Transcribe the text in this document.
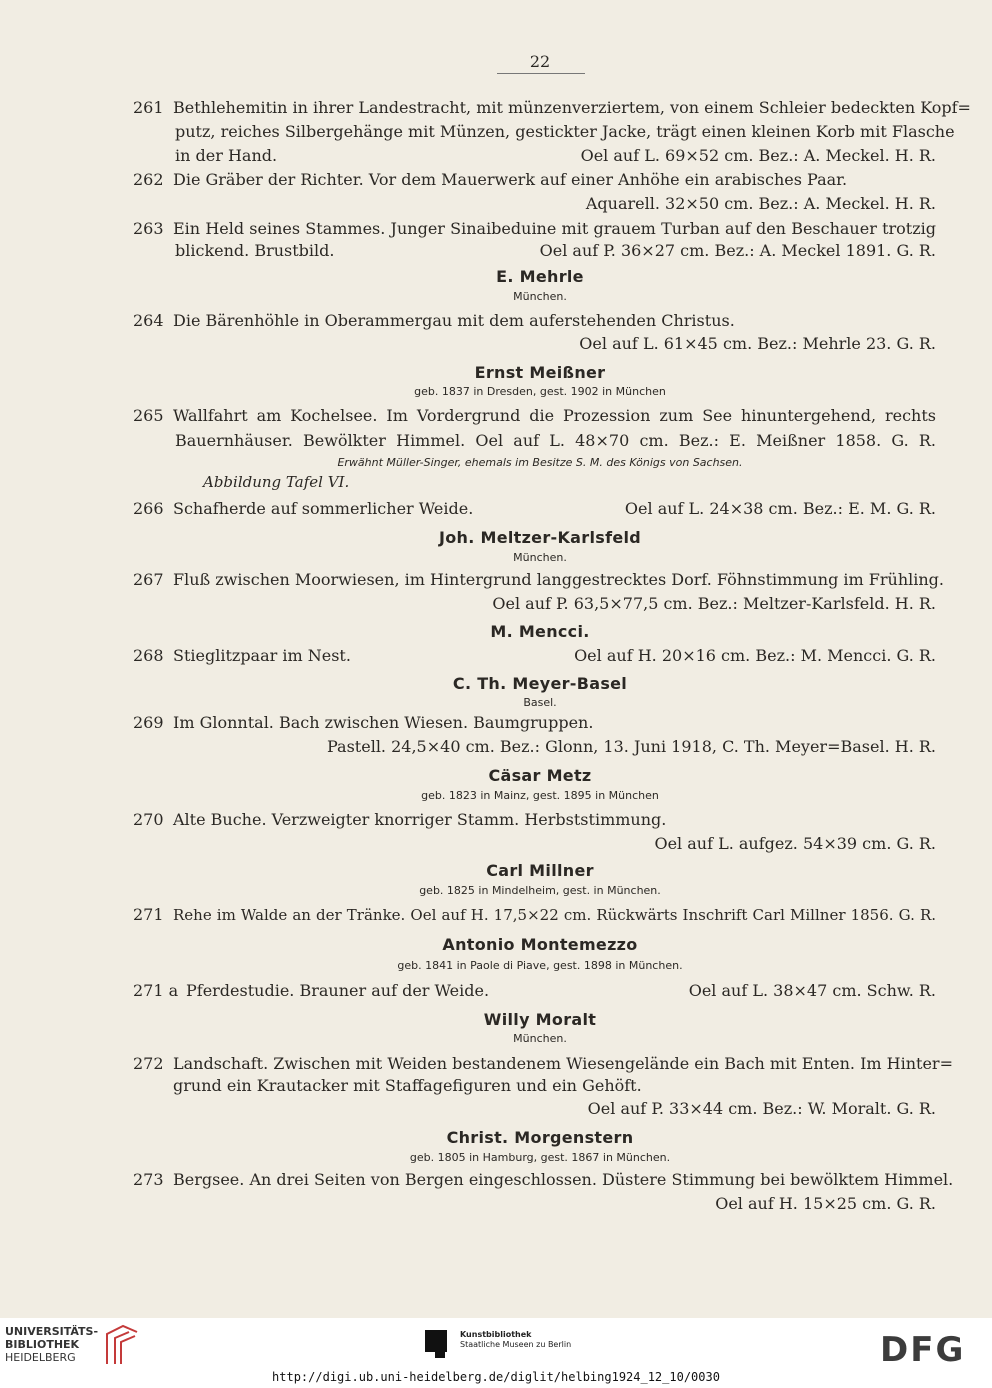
22
261 Bethlehemitin in ihrer Landestracht, mit münzenverziertem, von einem Schleier bedeckten Kopf=
putz, reiches Silbergehänge mit Münzen, gestickter Jacke, trägt einen kleinen Korb mit Flasche
in der Hand.	Oel auf L. 69×52 cm. Bez.: A. Meckel. H. R.
262 Die Gräber der Richter. Vor dem Mauerwerk auf einer Anhöhe ein arabisches Paar.
Aquarell. 32×50 cm. Bez.: A. Meckel. H. R.
263 Ein Held seines Stammes. Junger Sinaibeduine mit grauem Turban auf den Beschauer trotzig
blickend. Brustbild.	Oel auf P. 36×27 cm. Bez.: A. Meckel 1891. G. R.
E. Mehrle
München.
264 Die Bärenhöhle in Oberammergau mit dem auferstehenden Christus.
Oel auf L. 61×45 cm. Bez.: Mehrle 23. G. R.
Ernst Meißner
geb. 1837 in Dresden, gest. 1902 in München
265 Wallfahrt am Kochelsee. Im Vordergrund die Prozession zum See hinuntergehend, rechts
Bauernhäuser. Bewölkter Himmel. Oel auf L. 48×70 cm. Bez.: E. Meißner 1858. G. R.
Erwähnt Müller-Singer, ehemals im Besitze S. M. des Königs von Sachsen.
Abbildung Tafel VI.
266 Schafherde auf sommerlicher Weide.	Oel auf L. 24×38 cm. Bez.: E. M. G. R.
Joh. Meltzer-Karlsfeld
München.
267 Fluß zwischen Moorwiesen, im Hintergrund langgestrecktes Dorf. Föhnstimmung im Frühling.
Oel auf P. 63,5×77,5 cm. Bez.: Meltzer-Karlsfeld. H. R.
M. Mencci.
268 Stieglitzpaar im Nest.	Oel auf H. 20×16 cm. Bez.: M. Mencci. G. R.
C. Th. Meyer-Basel
Basel.
269 Im Glonntal. Bach zwischen Wiesen. Baumgruppen.
Pastell. 24,5×40 cm. Bez.: Glonn, 13. Juni 1918, C. Th. Meyer=Basel. H. R.
Cäsar Metz
geb. 1823 in Mainz, gest. 1895 in München
270 Alte Buche. Verzweigter knorriger Stamm. Herbststimmung.
Oel auf L. aufgez. 54×39 cm. G. R.
Carl Millner
geb. 1825 in Mindelheim, gest. in München.
271 Rehe im Walde an der Tränke. Oel auf H. 17,5×22 cm. Rückwärts Inschrift Carl Millner 1856. G. R.
Antonio Montemezzo
geb. 1841 in Paole di Piave, gest. 1898 in München.
271 a Pferdestudie. Brauner auf der Weide.	Oel auf L. 38×47 cm. Schw. R.
Willy Moralt
München.
272 Landschaft. Zwischen mit Weiden bestandenem Wiesengelände ein Bach mit Enten. Im Hinter=
grund ein Krautacker mit Staffagefiguren und ein Gehöft.
Oel auf P. 33×44 cm. Bez.: W. Moralt. G. R.
Christ. Morgenstern
geb. 1805 in Hamburg, gest. 1867 in München.
273 Bergsee. An drei Seiten von Bergen eingeschlossen. Düstere Stimmung bei bewölktem Himmel.
Oel auf H. 15×25 cm. G. R.
UNIVERSITÄTS-
BIBLIOTHEK
HEIDELBERG
Kunstbibliothek
Staatliche Museen zu Berlin	DFG
http://digi.ub.uni-heidelberg.de/diglit/helbing1924_12_10/0030
